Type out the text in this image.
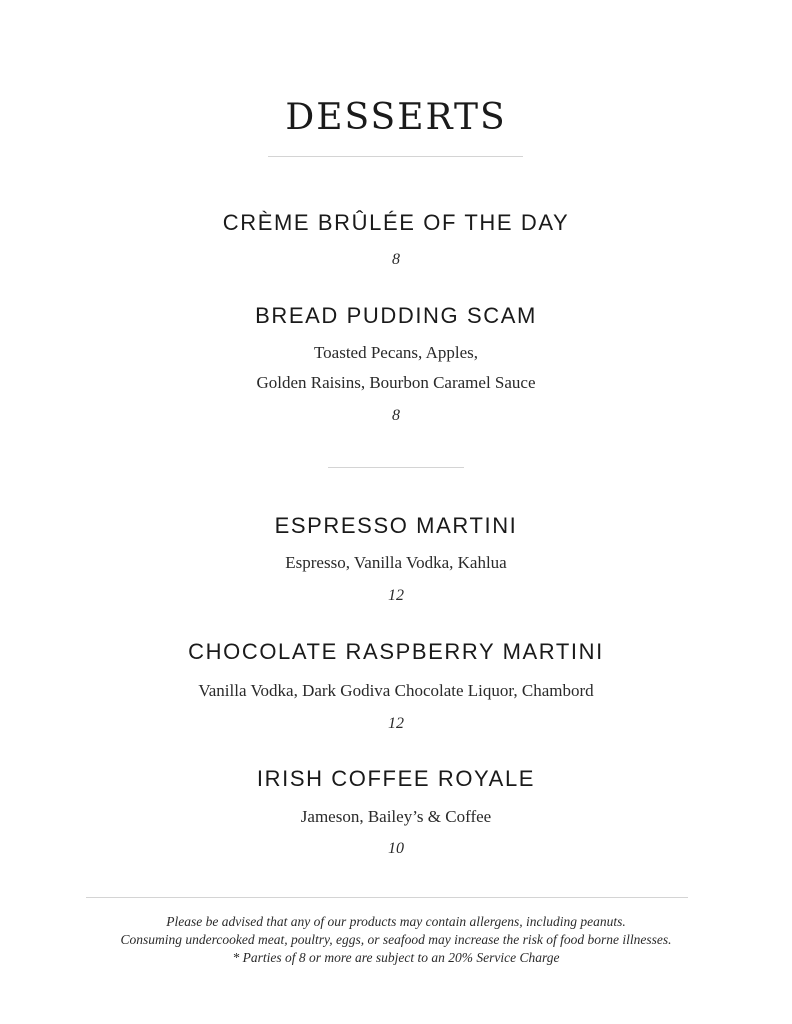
DESSERTS
CRÈME BRÛLÉE OF THE DAY
8
BREAD PUDDING SCAM
Toasted Pecans, Apples,
Golden Raisins, Bourbon Caramel Sauce
8
ESPRESSO MARTINI
Espresso, Vanilla Vodka, Kahlua
12
CHOCOLATE RASPBERRY MARTINI
Vanilla Vodka, Dark Godiva Chocolate Liquor, Chambord
12
IRISH COFFEE ROYALE
Jameson, Bailey’s & Coffee
10
Please be advised that any of our products may contain allergens, including peanuts.
Consuming undercooked meat, poultry, eggs, or seafood may increase the risk of food borne illnesses.
* Parties of 8 or more are subject to an 20% Service Charge
